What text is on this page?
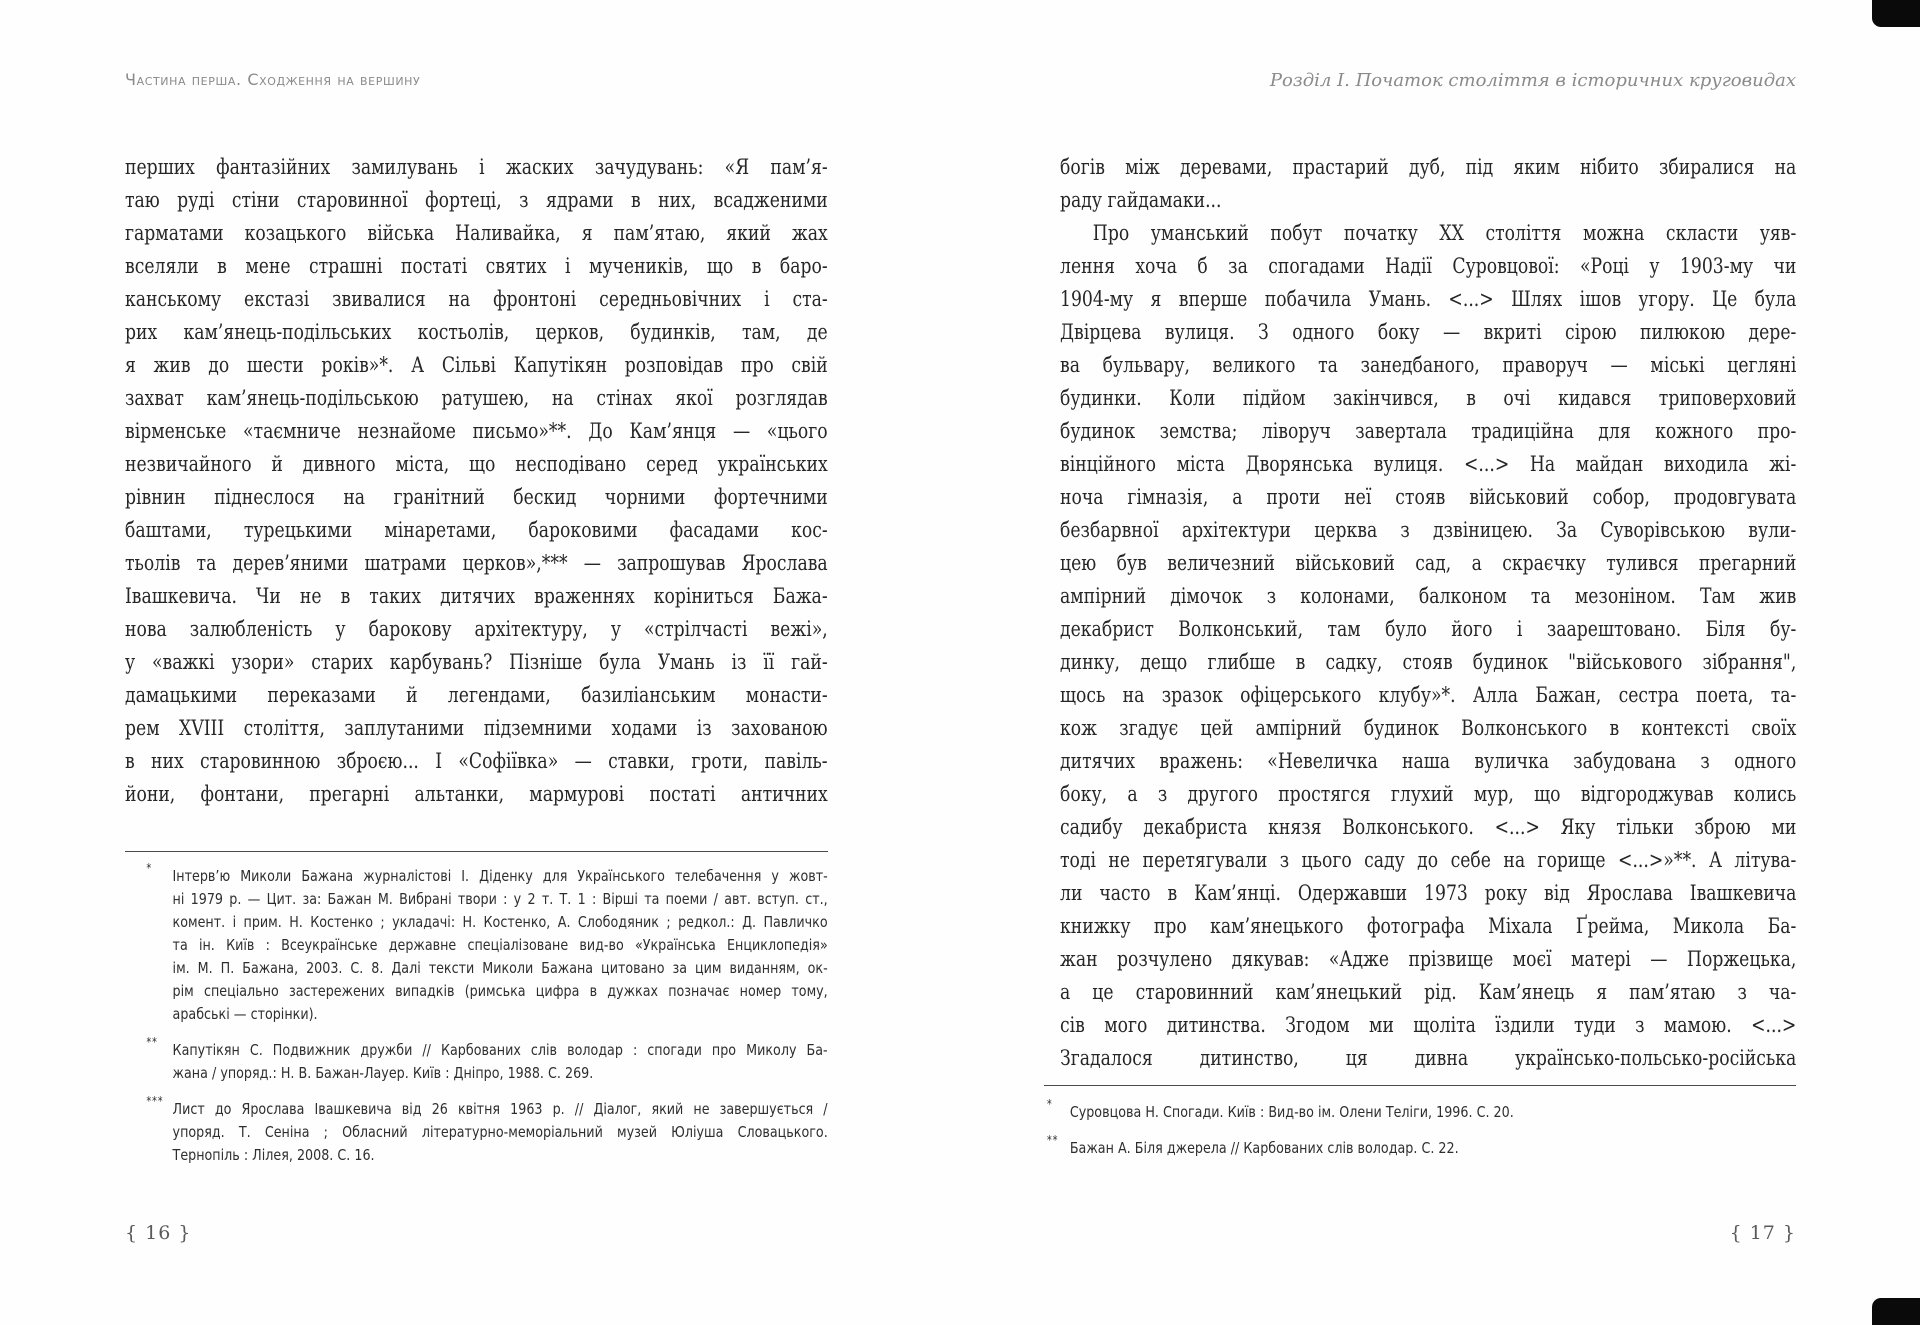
Частина перша. Сходження на вершину
перших фантазійних замилувань і жаских зачудувань: «Я пам’я-
таю руді стіни старовинної фортеці, з ядрами в них, всадженими
гарматами козацького війська Наливайка, я пам’ятаю, який жах
вселяли в мене страшні постаті святих і мучеників, що в баро-
канському екстазі звивалися на фронтоні середньовічних і ста-
рих кам’янець-подільських костьолів, церков, будинків, там, де
я жив до шести років»*. А Сільві Капутікян розповідав про свій
захват кам’янець-подільською ратушею, на стінах якої розглядав
вірменське «таємниче незнайоме письмо»**. До Кам’янця — «цього
незвичайного й дивного міста, що несподівано серед українських
рівнин піднеслося на гранітний бескид чорними фортечними
баштами, турецькими мінаретами, бароковими фасадами кос-
тьолів та дерев’яними шатрами церков»,*** — запрошував Ярослава
Івашкевича. Чи не в таких дитячих враженнях коріниться Бажа-
нова залюбленість у барокову архітектуру, у «стрілчасті вежі»,
у «важкі узори» старих карбувань? Пізніше була Умань із її гай-
дамацькими переказами й легендами, базиліанським монасти-
рем XVIII століття, заплутаними підземними ходами із захованою
в них старовинною зброєю... І «Софіївка» — ставки, гроти, павіль-
йони, фонтани, прегарні альтанки, мармурові постаті античних
* Інтерв’ю Миколи Бажана журналістові І. Діденку для Українського телебачення у жовт-
ні 1979 р. — Цит. за: Бажан М. Вибрані твори : у 2 т. Т. 1 : Вірші та поеми / авт. вступ. ст.,
комент. і прим. Н. Костенко ; укладачі: Н. Костенко, А. Слободяник ; редкол.: Д. Павличко
та ін. Київ : Всеукраїнське державне спеціалізоване вид-во «Українська Енциклопедія»
ім. М. П. Бажана, 2003. С. 8. Далі тексти Миколи Бажана цитовано за цим виданням, ок-
рім спеціально застережених випадків (римська цифра в дужках позначає номер тому,
арабські — сторінки).
** Капутікян С. Подвижник дружби // Карбованих слів володар : спогади про Миколу Ба-
жана / упоряд.: Н. В. Бажан-Лауер. Київ : Дніпро, 1988. С. 269.
*** Лист до Ярослава Івашкевича від 26 квітня 1963 р. // Діалог, який не завершується /
упоряд. Т. Сеніна ; Обласний літературно-меморіальний музей Юліуша Словацького.
Тернопіль : Лілея, 2008. С. 16.
{ 16 }
Розділ І. Початок століття в історичних круговидах
богів між деревами, прастарий дуб, під яким нібито збиралися на
раду гайдамаки...
Про уманський побут початку XX століття можна скласти уяв-
лення хоча б за спогадами Надії Суровцової: «Році у 1903-му чи
1904-му я вперше побачила Умань. <...> Шлях ішов угору. Це була
Двірцева вулиця. З одного боку — вкриті сірою пилюкою дере-
ва бульвару, великого та занедбаного, праворуч — міські цегляні
будинки. Коли підйом закінчився, в очі кидався триповерховий
будинок земства; ліворуч завертала традиційна для кожного про-
вінційного міста Дворянська вулиця. <...> На майдан виходила жі-
ноча гімназія, а проти неї стояв військовий собор, продовгувата
безбарвної архітектури церква з дзвіницею. За Суворівською вули-
цею був величезний військовий сад, а скраєчку тулився прегарний
ампірний дімочок з колонами, балконом та мезоніном. Там жив
декабрист Волконський, там було його і заарештовано. Біля бу-
динку, дещо глибше в садку, стояв будинок "військового зібрання",
щось на зразок офіцерського клубу»*. Алла Бажан, сестра поета, та-
кож згадує цей ампірний будинок Волконського в контексті своїх
дитячих вражень: «Невеличка наша вуличка забудована з одного
боку, а з другого простягся глухий мур, що відгороджував колись
садибу декабриста князя Волконського. <...> Яку тільки зброю ми
тоді не перетягували з цього саду до себе на горище <...>»**. А літува-
ли часто в Кам’янці. Одержавши 1973 року від Ярослава Івашкевича
книжку про кам’янецького фотографа Міхала Ґрейма, Микола Ба-
жан розчулено дякував: «Адже прізвище моєї матері — Поржецька,
а це старовинний кам’янецький рід. Кам’янець я пам’ятаю з ча-
сів мого дитинства. Згодом ми щоліта їздили туди з мамою. <...>
Згадалося дитинство, ця дивна українсько-польсько-російська
* Суровцова Н. Спогади. Київ : Вид-во ім. Олени Теліги, 1996. С. 20.
** Бажан А. Біля джерела // Карбованих слів володар. С. 22.
{ 17 }
